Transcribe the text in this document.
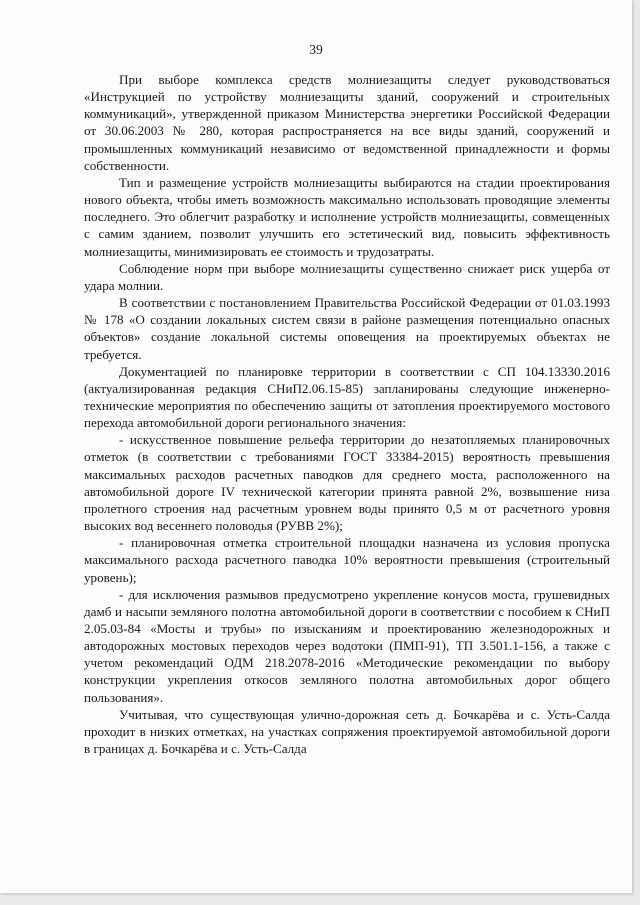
39

При выборе комплекса средств молниезащиты следует руководствоваться «Инструкцией по устройству молниезащиты зданий, сооружений и строительных коммуникаций», утвержденной приказом Министерства энергетики Российской Федерации от 30.06.2003 № 280, которая распространяется на все виды зданий, сооружений и промышленных коммуникаций независимо от ведомственной принадлежности и формы собственности.

Тип и размещение устройств молниезащиты выбираются на стадии проектирования нового объекта, чтобы иметь возможность максимально использовать проводящие элементы последнего. Это облегчит разработку и исполнение устройств молниезащиты, совмещенных с самим зданием, позволит улучшить его эстетический вид, повысить эффективность молниезащиты, минимизировать ее стоимость и трудозатраты.

Соблюдение норм при выборе молниезащиты существенно снижает риск ущерба от удара молнии.

В соответствии с постановлением Правительства Российской Федерации от 01.03.1993 № 178 «О создании локальных систем связи в районе размещения потенциально опасных объектов» создание локальной системы оповещения на проектируемых объектах не требуется.

Документацией по планировке территории в соответствии с СП 104.13330.2016 (актуализированная редакция СНиП2.06.15-85) запланированы следующие инженерно-технические мероприятия по обеспечению защиты от затопления проектируемого мостового перехода автомобильной дороги регионального значения:

- искусственное повышение рельефа территории до незатопляемых планировочных отметок (в соответствии с требованиями ГОСТ 33384-2015) вероятность превышения максимальных расходов расчетных паводков для среднего моста, расположенного на автомобильной дороге IV технической категории принята равной 2%, возвышение низа пролетного строения над расчетным уровнем воды принято 0,5 м от расчетного уровня высоких вод весеннего половодья (РУВВ 2%);

- планировочная отметка строительной площадки назначена из условия пропуска максимального расхода расчетного паводка 10% вероятности превышения (строительный уровень);

- для исключения размывов предусмотрено укрепление конусов моста, грушевидных дамб и насыпи земляного полотна автомобильной дороги в соответствии с пособием к СНиП 2.05.03-84 «Мосты и трубы» по изысканиям и проектированию железнодорожных и автодорожных мостовых переходов через водотоки (ПМП-91), ТП 3.501.1-156, а также с учетом рекомендаций ОДМ 218.2078-2016 «Методические рекомендации по выбору конструкции укрепления откосов земляного полотна автомобильных дорог общего пользования».

Учитывая, что существующая улично-дорожная сеть д. Бочкарёва и с. Усть-Салда проходит в низких отметках, на участках сопряжения проектируемой автомобильной дороги в границах д. Бочкарёва и с. Усть-Салда
